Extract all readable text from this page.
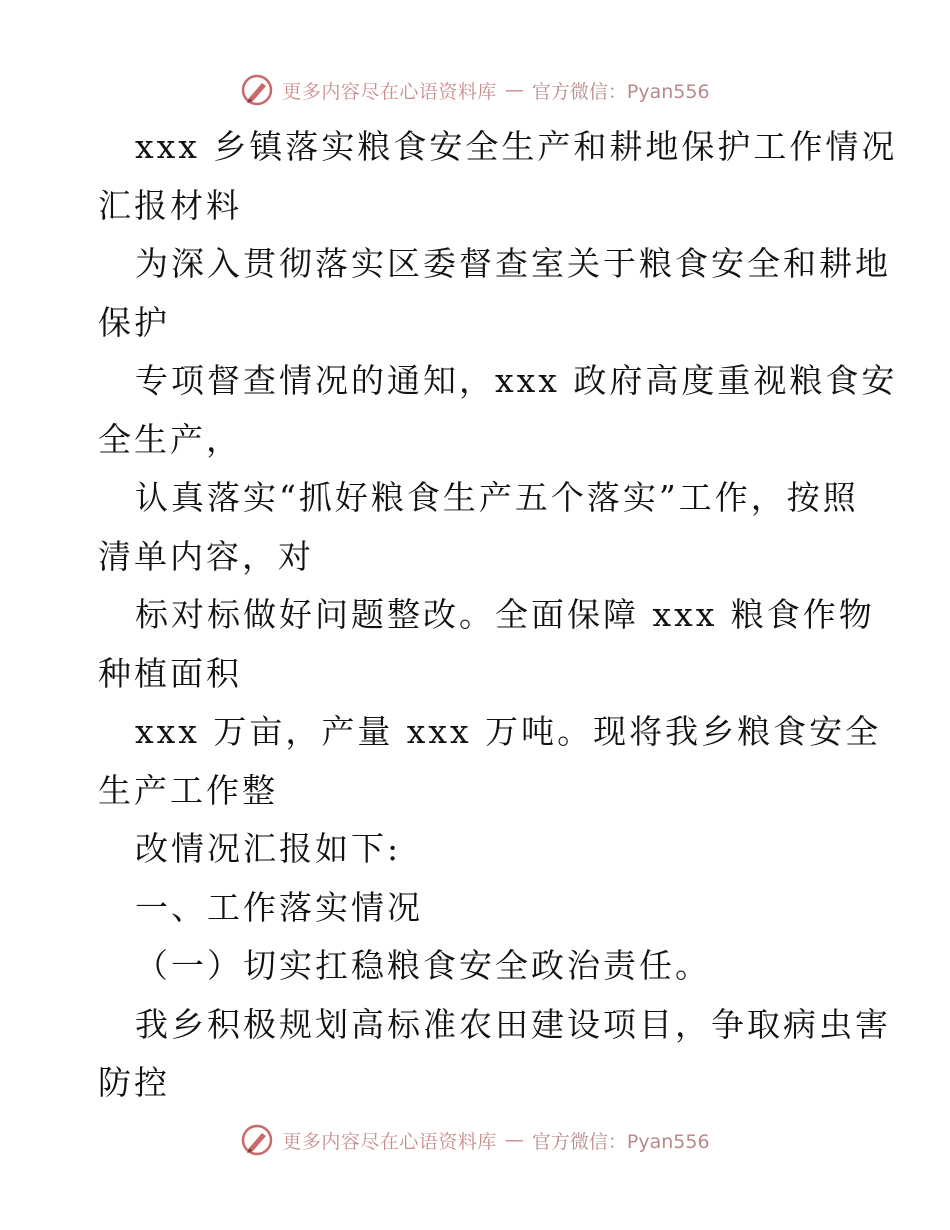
更多内容尽在心语资料库 — 官方微信：Pyan556

xxx 乡镇落实粮食安全生产和耕地保护工作情况

汇报材料

为深入贯彻落实区委督查室关于粮食安全和耕地

保护

专项督查情况的通知，xxx 政府高度重视粮食安

全生产，

认真落实“抓好粮食生产五个落实”工作，按照

清单内容，对

标对标做好问题整改。全面保障 xxx 粮食作物

种植面积

xxx 万亩，产量 xxx 万吨。现将我乡粮食安全

生产工作整

改情况汇报如下:

一、工作落实情况

（一）切实扛稳粮食安全政治责任。

我乡积极规划高标准农田建设项目，争取病虫害

防控

更多内容尽在心语资料库 — 官方微信：Pyan556
